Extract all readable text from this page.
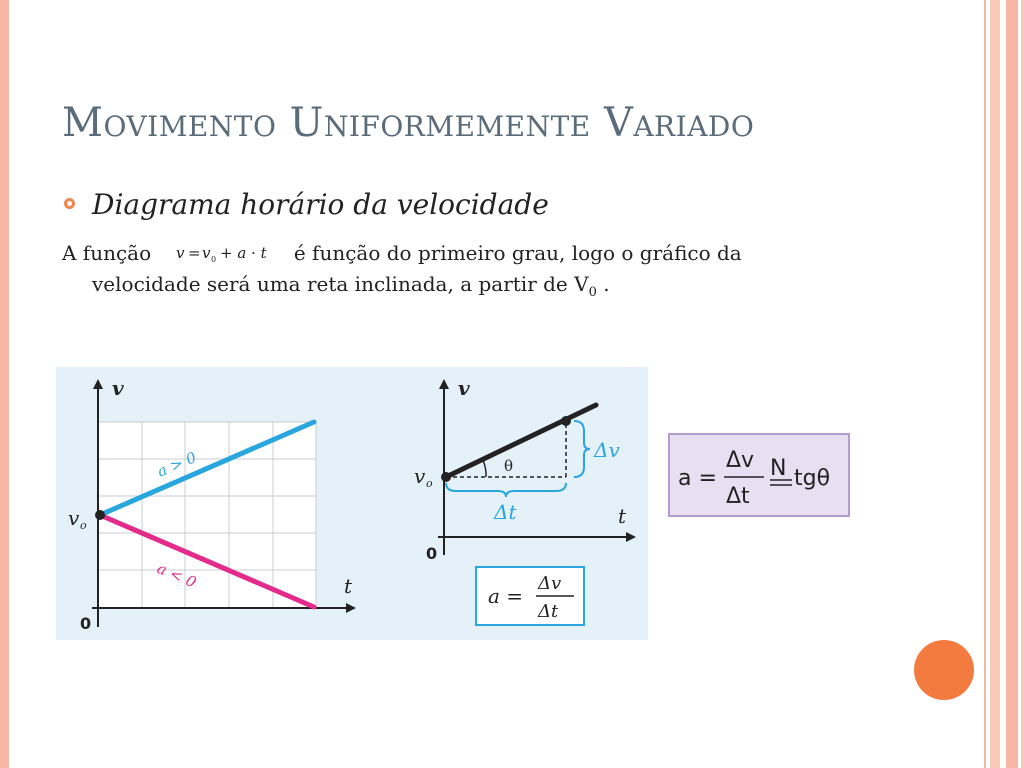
Movimento Uniformemente Variado
Diagrama horário da velocidade
A função v = v 0 + a · t é função do primeiro grau, logo o gráfico da
velocidade será uma reta inclinada, a partir de $V_0$ .
v
t
0
v o
a > 0
a < 0
v
t
0
v o
θ
Δv
Δt
a =
Δv
Δt
a =
Δv
Δt
N tgθ
